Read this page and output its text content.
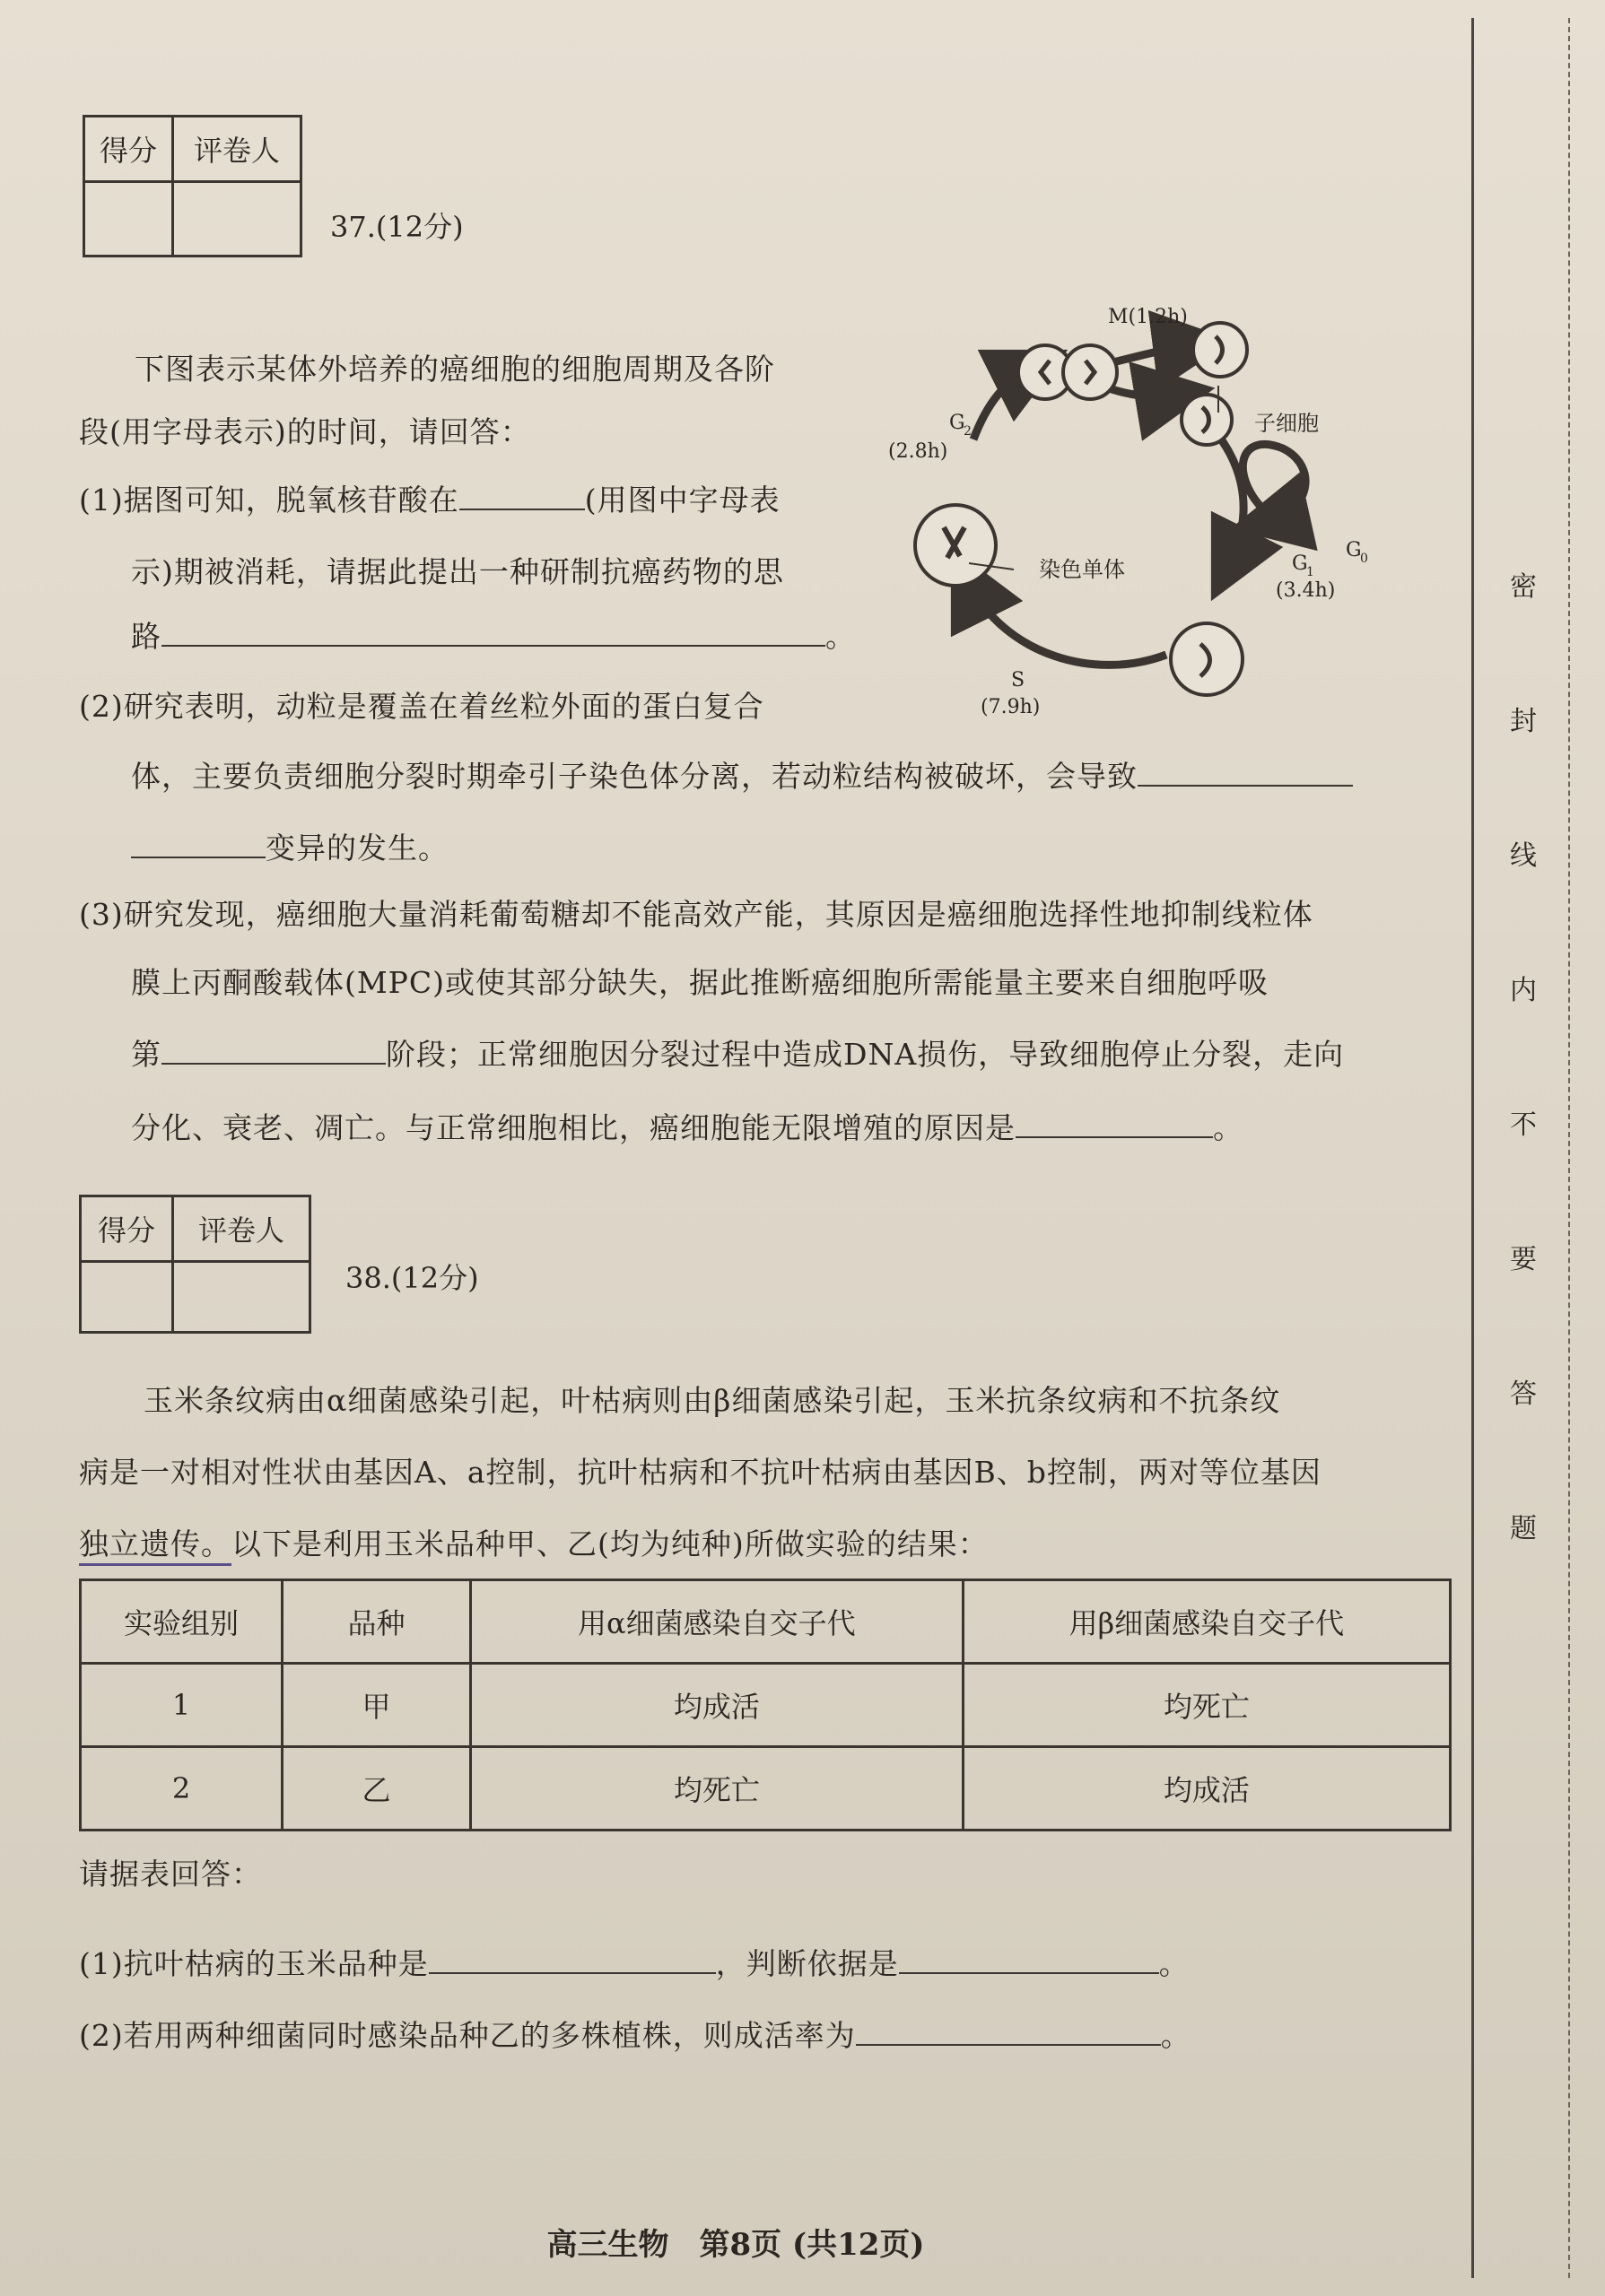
密
封
线
内
不
要
答
题
得分	评卷人

37.(12分)
下图表示某体外培养的癌细胞的细胞周期及各阶
段(用字母表示)的时间，请回答：
(1)据图可知，脱氧核苷酸在	(用图中字母表
示)期被消耗，请据此提出一种研制抗癌药物的思
路	。
(2)研究表明，动粒是覆盖在着丝粒外面的蛋白复合
体，主要负责细胞分裂时期牵引子染色体分离，若动粒结构被破坏，会导致
变异的发生。
(3)研究发现，癌细胞大量消耗葡萄糖却不能高效产能，其原因是癌细胞选择性地抑制线粒体
膜上丙酮酸载体(MPC)或使其部分缺失，据此推断癌细胞所需能量主要来自细胞呼吸
第	阶段；正常细胞因分裂过程中造成DNA损伤，导致细胞停止分裂，走向
分化、衰老、凋亡。与正常细胞相比，癌细胞能无限增殖的原因是	。
M(1.2h)
G
2
(2.8h)
G
1
G
0
(3.4h)
S
(7.9h)
子细胞
染色单体
得分	评卷人

38.(12分)
玉米条纹病由α细菌感染引起，叶枯病则由β细菌感染引起，玉米抗条纹病和不抗条纹
病是一对相对性状由基因A、a控制，抗叶枯病和不抗叶枯病由基因B、b控制，两对等位基因
独立遗传。以下是利用玉米品种甲、乙(均为纯种)所做实验的结果：
实验组别	品种	用α细菌感染自交子代	用β细菌感染自交子代
1	甲	均成活	均死亡
2	乙	均死亡	均成活
请据表回答：
(1)抗叶枯病的玉米品种是	，判断依据是	。
(2)若用两种细菌同时感染品种乙的多株植株，则成活率为	。
高三生物　第8页 (共12页)
